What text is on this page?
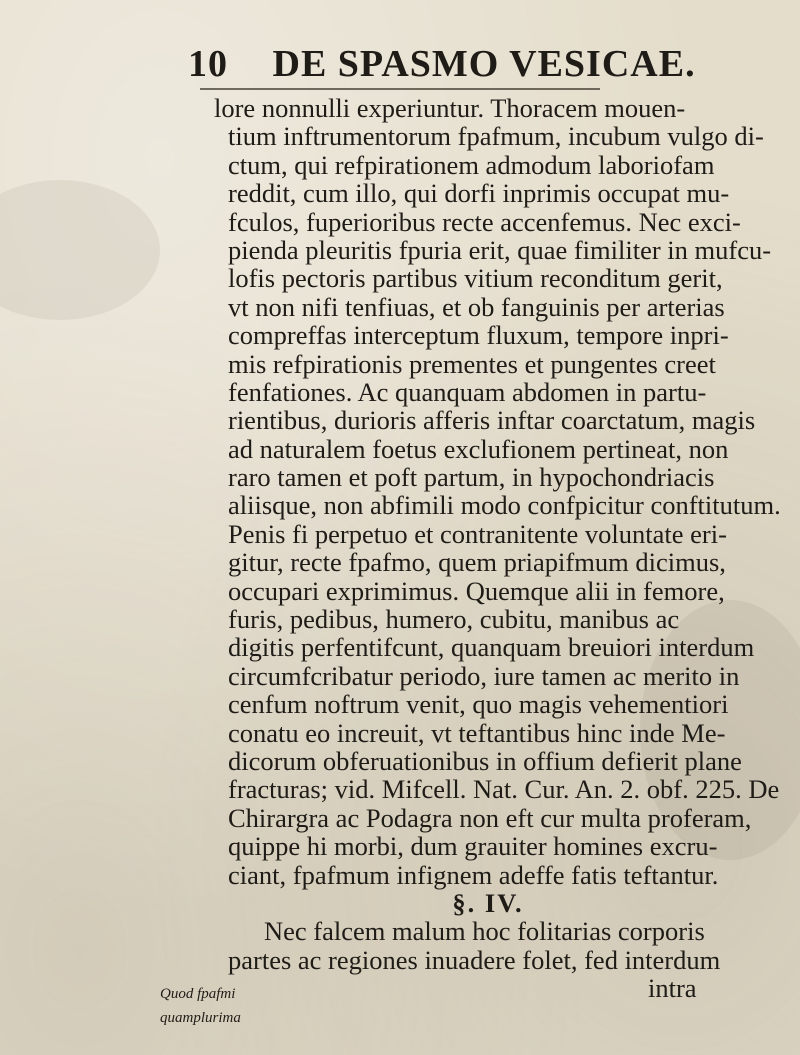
10 DE SPASMO VESICAE.
lore nonnulli experiuntur. Thoracem mouen-
tium inftrumentorum fpafmum, incubum vulgo di-
ctum, qui refpirationem admodum laboriofam
reddit, cum illo, qui dorfi inprimis occupat mu-
fculos, fuperioribus recte accenfemus. Nec exci-
pienda pleuritis fpuria erit, quae fimiliter in mufcu-
lofis pectoris partibus vitium reconditum gerit,
vt non nifi tenfiuas, et ob fanguinis per arterias
compreffas interceptum fluxum, tempore inpri-
mis refpirationis prementes et pungentes creet
fenfationes. Ac quanquam abdomen in partu-
rientibus, durioris afferis inftar coarctatum, magis
ad naturalem foetus exclufionem pertineat, non
raro tamen et poft partum, in hypochondriacis
aliisque, non abfimili modo confpicitur conftitutum.
Penis fi perpetuo et contranitente voluntate eri-
gitur, recte fpafmo, quem priapifmum dicimus,
occupari exprimimus. Quemque alii in femore,
furis, pedibus, humero, cubitu, manibus ac
digitis perfentifcunt, quanquam breuiori interdum
circumfcribatur periodo, iure tamen ac merito in
cenfum noftrum venit, quo magis vehementiori
conatu eo increuit, vt teftantibus hinc inde Me-
dicorum obferuationibus in offium defierit plane
fracturas; vid. Mifcell. Nat. Cur. An. 2. obf. 225. De
Chirargra ac Podagra non eft cur multa proferam,
quippe hi morbi, dum grauiter homines excru-
ciant, fpafmum infignem adeffe fatis teftantur.
§. IV.
Nec falcem malum hoc folitarias corporis
partes ac regiones inuadere folet, fed interdum
intra
Quod fpafmi
quamplurima
